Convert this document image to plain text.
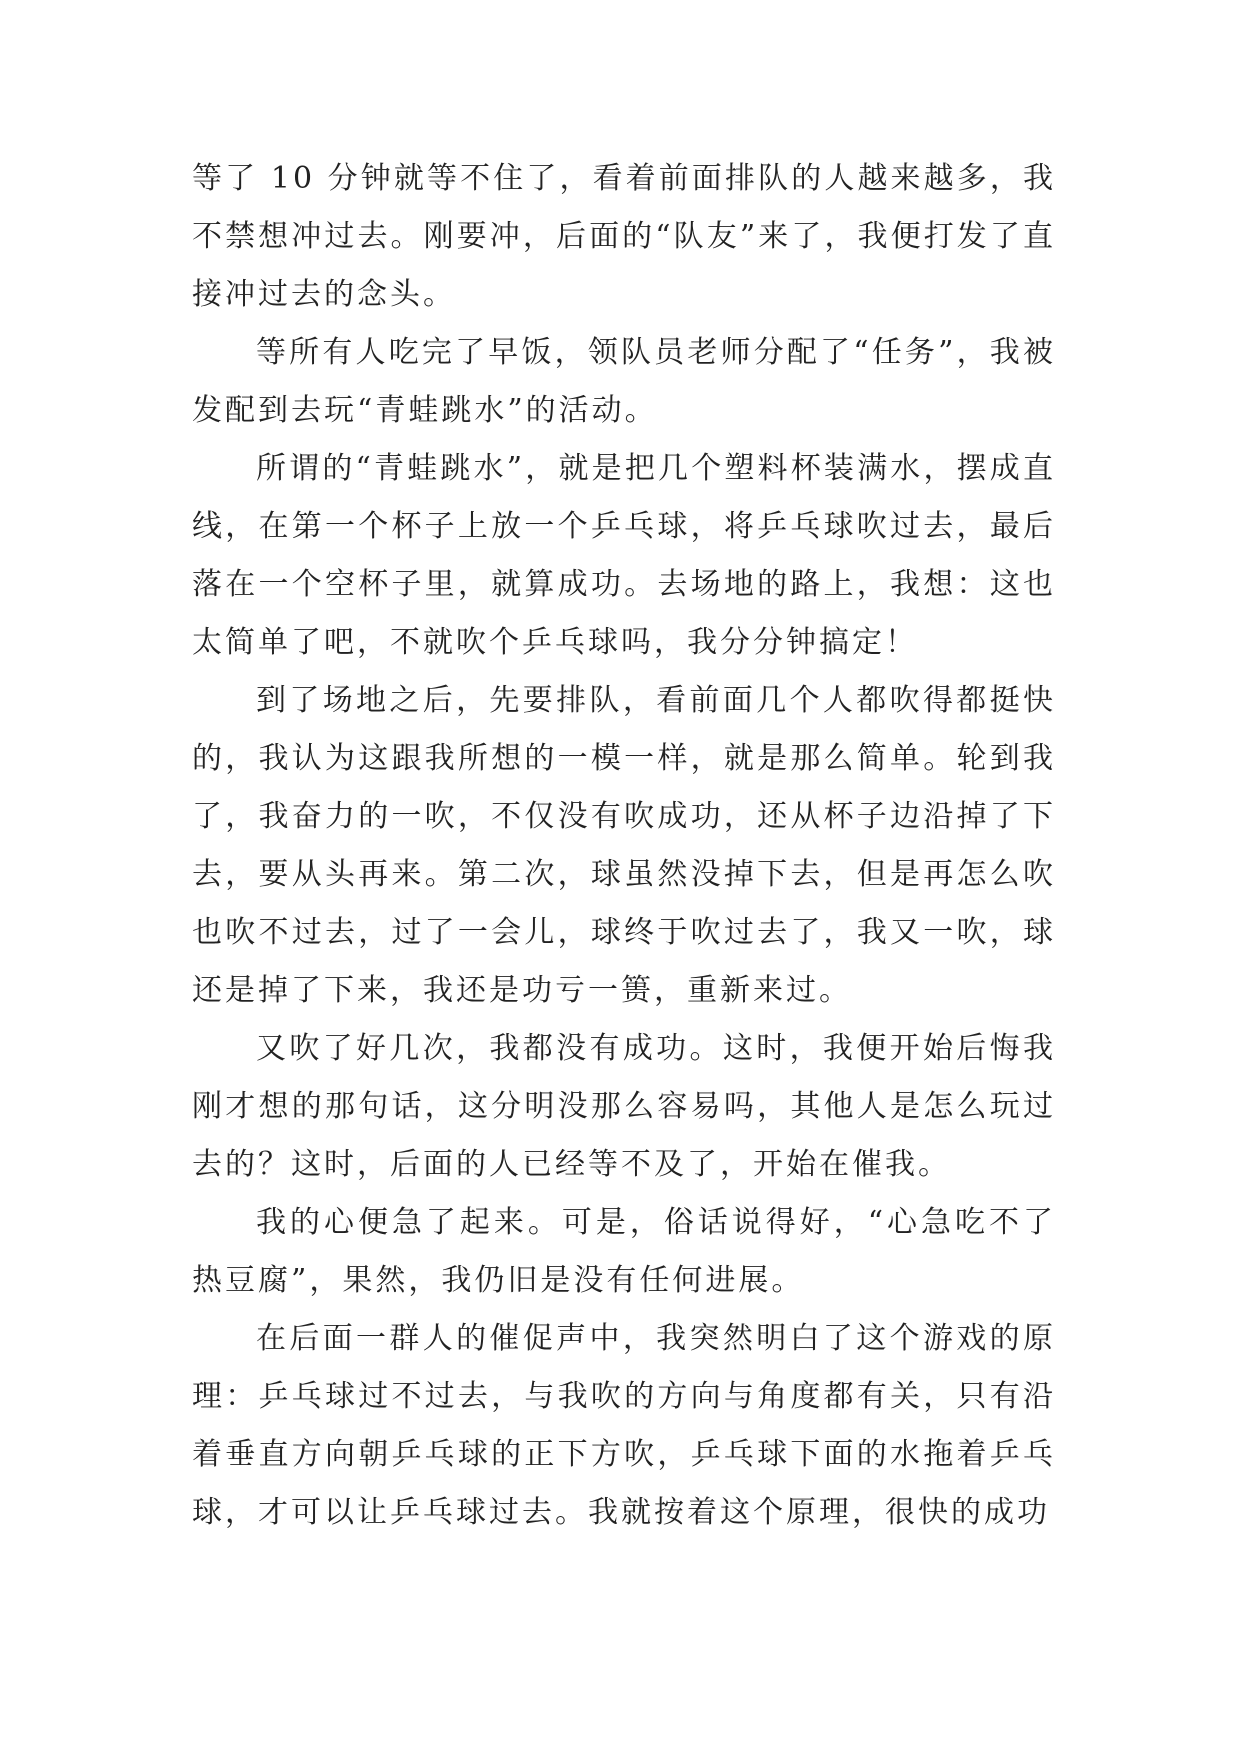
等了 10 分钟就等不住了，看着前面排队的人越来越多，我不禁想冲过去。刚要冲，后面的“队友”来了，我便打发了直接冲过去的念头。

等所有人吃完了早饭，领队员老师分配了“任务”，我被发配到去玩“青蛙跳水”的活动。

所谓的“青蛙跳水”，就是把几个塑料杯装满水，摆成直线，在第一个杯子上放一个乒乓球，将乒乓球吹过去，最后落在一个空杯子里，就算成功。去场地的路上，我想：这也太简单了吧，不就吹个乒乓球吗，我分分钟搞定！

到了场地之后，先要排队，看前面几个人都吹得都挺快的，我认为这跟我所想的一模一样，就是那么简单。轮到我了，我奋力的一吹，不仅没有吹成功，还从杯子边沿掉了下去，要从头再来。第二次，球虽然没掉下去，但是再怎么吹也吹不过去，过了一会儿，球终于吹过去了，我又一吹，球还是掉了下来，我还是功亏一篑，重新来过。

又吹了好几次，我都没有成功。这时，我便开始后悔我刚才想的那句话，这分明没那么容易吗，其他人是怎么玩过去的？这时，后面的人已经等不及了，开始在催我。

我的心便急了起来。可是，俗话说得好，“心急吃不了热豆腐”，果然，我仍旧是没有任何进展。

在后面一群人的催促声中，我突然明白了这个游戏的原理：乒乓球过不过去，与我吹的方向与角度都有关，只有沿着垂直方向朝乒乓球的正下方吹，乒乓球下面的水拖着乒乓球，才可以让乒乓球过去。我就按着这个原理，很快的成功
